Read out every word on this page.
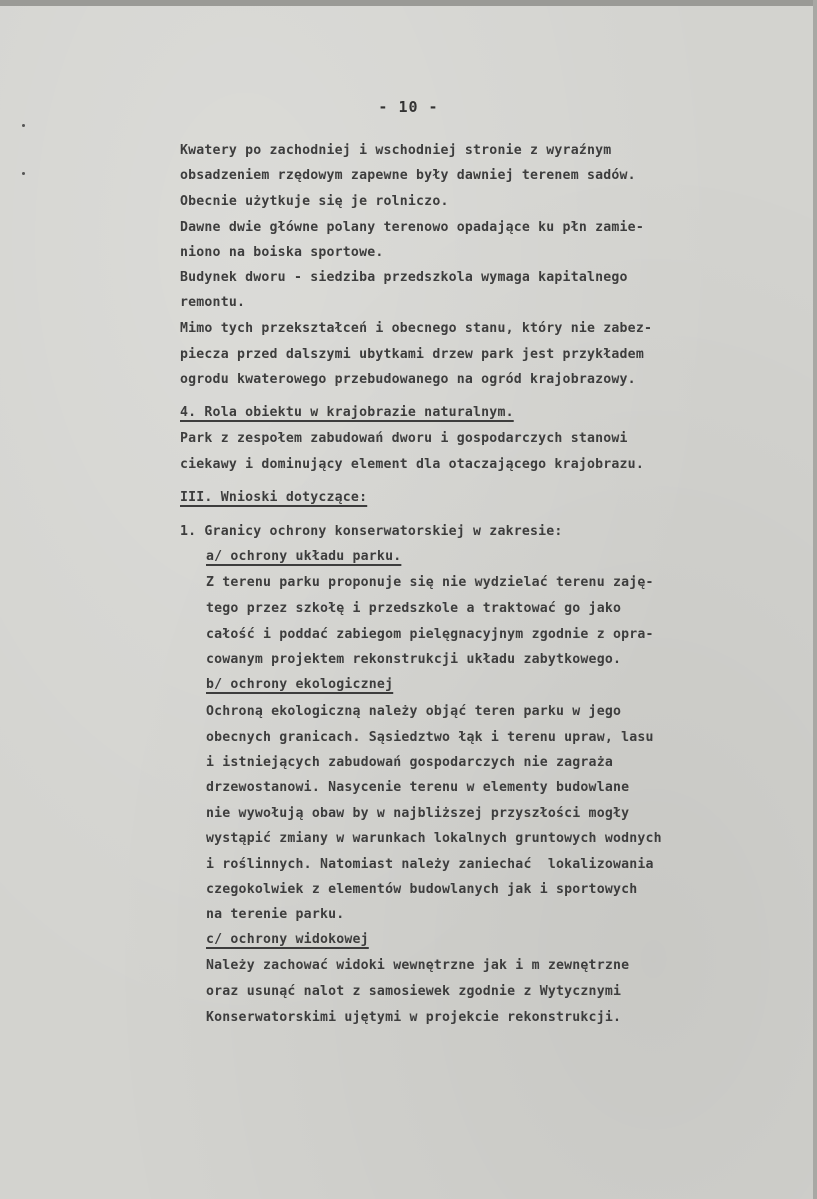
- 10 -
Kwatery po zachodniej i wschodniej stronie z wyraźnym
obsadzeniem rzędowym zapewne były dawniej terenem sadów.
Obecnie użytkuje się je rolniczo.
Dawne dwie główne polany terenowo opadające ku płn zamie-
niono na boiska sportowe.
Budynek dworu - siedziba przedszkola wymaga kapitalnego
remontu.
Mimo tych przekształceń i obecnego stanu, który nie zabez-
piecza przed dalszymi ubytkami drzew park jest przykładem
ogrodu kwaterowego przebudowanego na ogród krajobrazowy.
4. Rola obiektu w krajobrazie naturalnym.
Park z zespołem zabudowań dworu i gospodarczych stanowi
ciekawy i dominujący element dla otaczającego krajobrazu.
III. Wnioski dotyczące:
1. Granicy ochrony konserwatorskiej w zakresie:
a/ ochrony układu parku.
Z terenu parku proponuje się nie wydzielać terenu zaję-
tego przez szkołę i przedszkole a traktować go jako
całość i poddać zabiegom pielęgnacyjnym zgodnie z opra-
cowanym projektem rekonstrukcji układu zabytkowego.
b/ ochrony ekologicznej
Ochroną ekologiczną należy objąć teren parku w jego
obecnych granicach. Sąsiedztwo łąk i terenu upraw, lasu
i istniejących zabudowań gospodarczych nie zagraża
drzewostanowi. Nasycenie terenu w elementy budowlane
nie wywołują obaw by w najbliższej przyszłości mogły
wystąpić zmiany w warunkach lokalnych gruntowych wodnych
i roślinnych. Natomiast należy zaniechać  lokalizowania
czegokolwiek z elementów budowlanych jak i sportowych
na terenie parku.
c/ ochrony widokowej
Należy zachować widoki wewnętrzne jak i m zewnętrzne
oraz usunąć nalot z samosiewek zgodnie z Wytycznymi
Konserwatorskimi ujętymi w projekcie rekonstrukcji.
